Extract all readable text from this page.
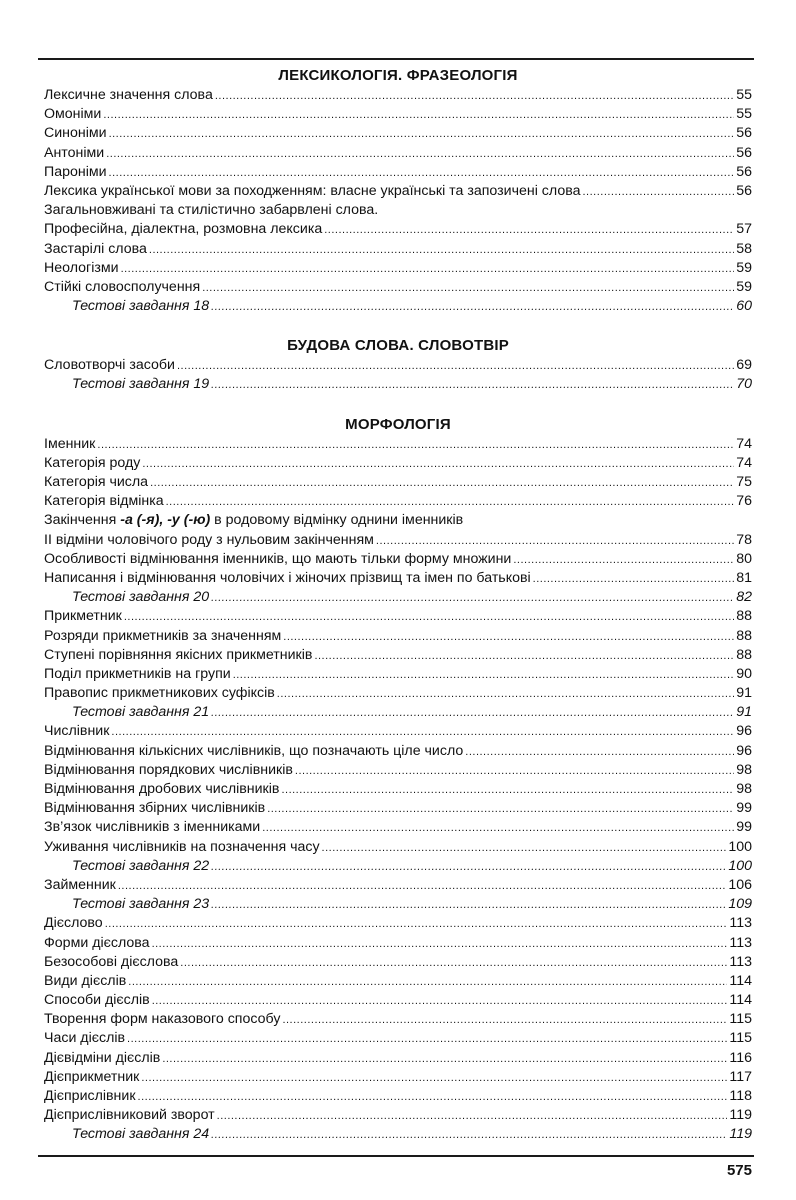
ЛЕКСИКОЛОГІЯ. ФРАЗЕОЛОГІЯ
Лексичне значення слова .....	55
Омоніми .....	55
Синоніми .....	56
Антоніми .....	56
Пароніми .....	56
Лексика української мови за походженням: власне українські та запозичені слова .....	56
Загальновживані та стилістично забарвлені слова.
Професійна, діалектна, розмовна лексика .....	57
Застарілі слова .....	58
Неологізми .....	59
Стійкі словосполучення .....	59
Тестові завдання 18 .....	60
БУДОВА СЛОВА. СЛОВОТВІР
Словотворчі засоби .....	69
Тестові завдання 19 .....	70
МОРФОЛОГІЯ
Іменник .....	74
Категорія роду .....	74
Категорія числа .....	75
Категорія відмінка .....	76
Закінчення -а (-я), -у (-ю) в родовому відмінку однини іменників
II відміни чоловічого роду з нульовим закінченням .....	78
Особливості відмінювання іменників, що мають тільки форму множини .....	80
Написання і відмінювання чоловічих і жіночих прізвищ та імен по батькові .....	81
Тестові завдання 20 .....	82
Прикметник .....	88
Розряди прикметників за значенням .....	88
Ступені порівняння якісних прикметників .....	88
Поділ прикметників на групи .....	90
Правопис прикметникових суфіксів .....	91
Тестові завдання 21 .....	91
Числівник .....	96
Відмінювання кількісних числівників, що позначають ціле число .....	96
Відмінювання порядкових числівників .....	98
Відмінювання дробових числівників .....	98
Відмінювання збірних числівників .....	99
Зв’язок числівників з іменниками .....	99
Уживання числівників на позначення часу .....	100
Тестові завдання 22 .....	100
Займенник .....	106
Тестові завдання 23 .....	109
Дієслово .....	113
Форми дієслова .....	113
Безособові дієслова .....	113
Види дієслів .....	114
Способи дієслів .....	114
Творення форм наказового способу .....	115
Часи дієслів .....	115
Дієвідміни дієслів .....	116
Дієприкметник .....	117
Дієприслівник .....	118
Дієприслівниковий зворот .....	119
Тестові завдання 24 .....	119
575
